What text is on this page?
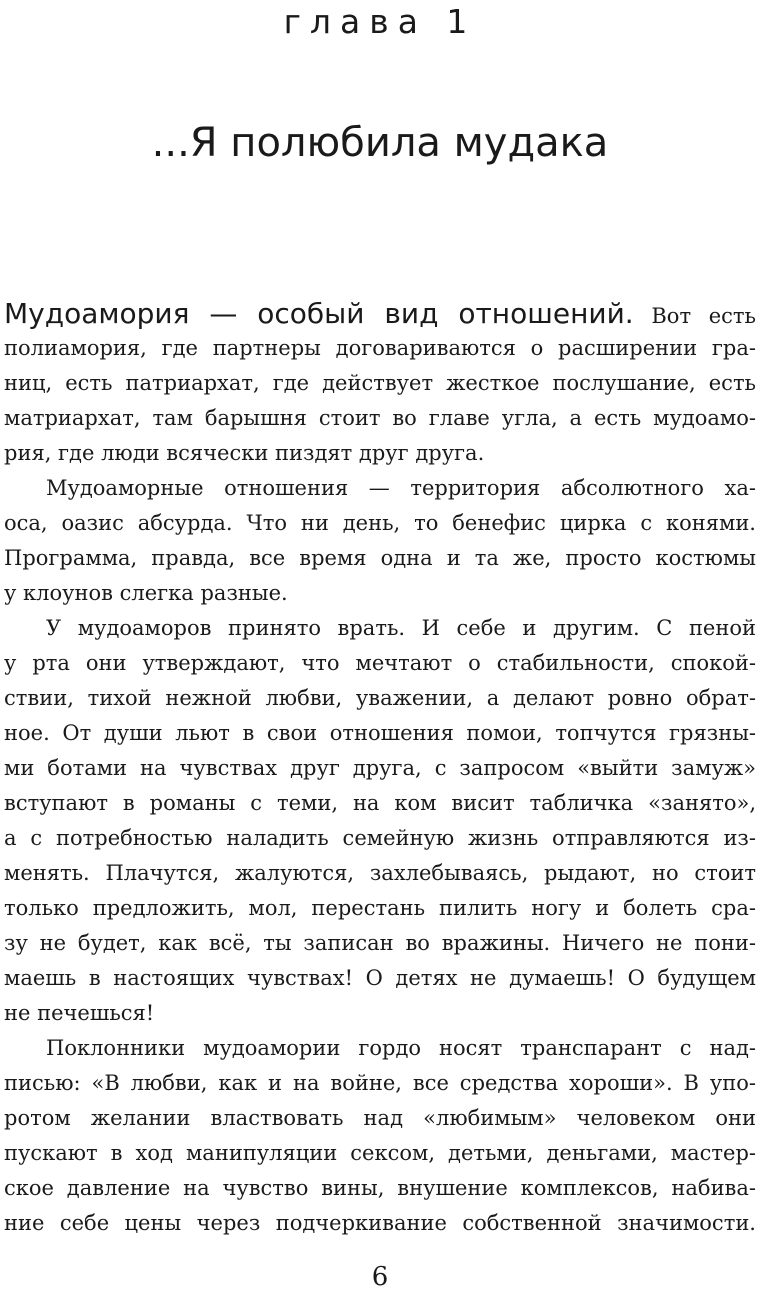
глава 1
...Я полюбила мудака
Мудоамория — особый вид отношений. Вот есть
полиамория, где партнеры договариваются о расширении гра-
ниц, есть патриархат, где действует жесткое послушание, есть
матриархат, там барышня стоит во главе угла, а есть мудоамо-
рия, где люди всячески пиздят друг друга.
Мудоаморные отношения — территория абсолютного ха-
оса, оазис абсурда. Что ни день, то бенефис цирка с конями.
Программа, правда, все время одна и та же, просто костюмы
у клоунов слегка разные.
У мудоаморов принято врать. И себе и другим. С пеной
у рта они утверждают, что мечтают о стабильности, спокой-
ствии, тихой нежной любви, уважении, а делают ровно обрат-
ное. От души льют в свои отношения помои, топчутся грязны-
ми ботами на чувствах друг друга, с запросом «выйти замуж»
вступают в романы с теми, на ком висит табличка «занято»,
а с потребностью наладить семейную жизнь отправляются из-
менять. Плачутся, жалуются, захлебываясь, рыдают, но стоит
только предложить, мол, перестань пилить ногу и болеть сра-
зу не будет, как всё, ты записан во вражины. Ничего не пони-
маешь в настоящих чувствах! О детях не думаешь! О будущем
не печешься!
Поклонники мудоамории гордо носят транспарант с над-
писью: «В любви, как и на войне, все средства хороши». В упо-
ротом желании властвовать над «любимым» человеком они
пускают в ход манипуляции сексом, детьми, деньгами, мастер-
ское давление на чувство вины, внушение комплексов, набива-
ние себе цены через подчеркивание собственной значимости.
6
